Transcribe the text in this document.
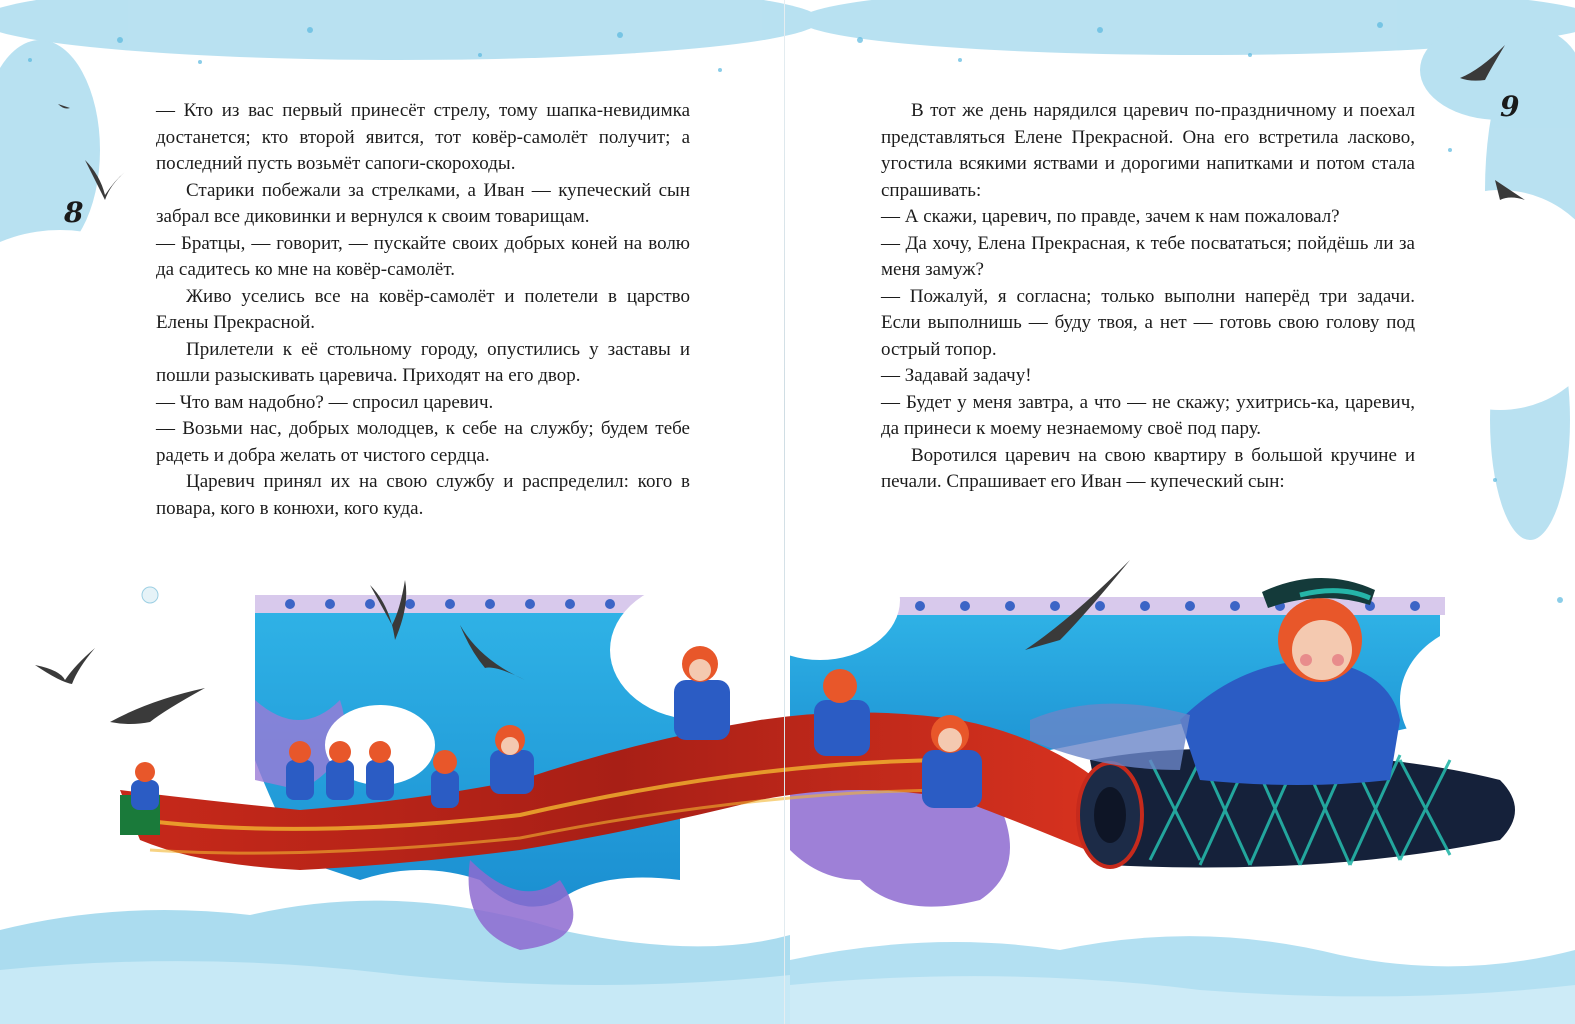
8
9

— Кто из вас первый принесёт стрелу, тому шапка-невидимка достанется; кто второй явится, тот ковёр-самолёт получит; а последний пусть возьмёт сапоги-скороходы.

Старики побежали за стрелками, а Иван — купеческий сын забрал все диковинки и вернулся к своим товарищам.

— Братцы, — говорит, — пускайте своих добрых коней на волю да садитесь ко мне на ковёр-самолёт.

Живо уселись все на ковёр-самолёт и полетели в царство Елены Прекрасной.

Прилетели к её стольному городу, опустились у заставы и пошли разыскивать царевича. Приходят на его двор.

— Что вам надобно? — спросил царевич.

— Возьми нас, добрых молодцев, к себе на службу; будем тебе радеть и добра желать от чистого сердца.

Царевич принял их на свою службу и распределил: кого в повара, кого в конюхи, кого куда.

В тот же день нарядился царевич по-праздничному и поехал представляться Елене Прекрасной. Она его встретила ласково, угостила всякими яствами и дорогими напитками и потом стала спрашивать:

— А скажи, царевич, по правде, зачем к нам пожаловал?

— Да хочу, Елена Прекрасная, к тебе посвататься; пойдёшь ли за меня замуж?

— Пожалуй, я согласна; только выполни наперёд три задачи. Если выполнишь — буду твоя, а нет — готовь свою голову под острый топор.

— Задавай задачу!

— Будет у меня завтра, а что — не скажу; ухитрись-ка, царевич, да принеси к моему незнаемому своё под пару.

Воротился царевич на свою квартиру в большой кручине и печали. Спрашивает его Иван — купеческий сын:
